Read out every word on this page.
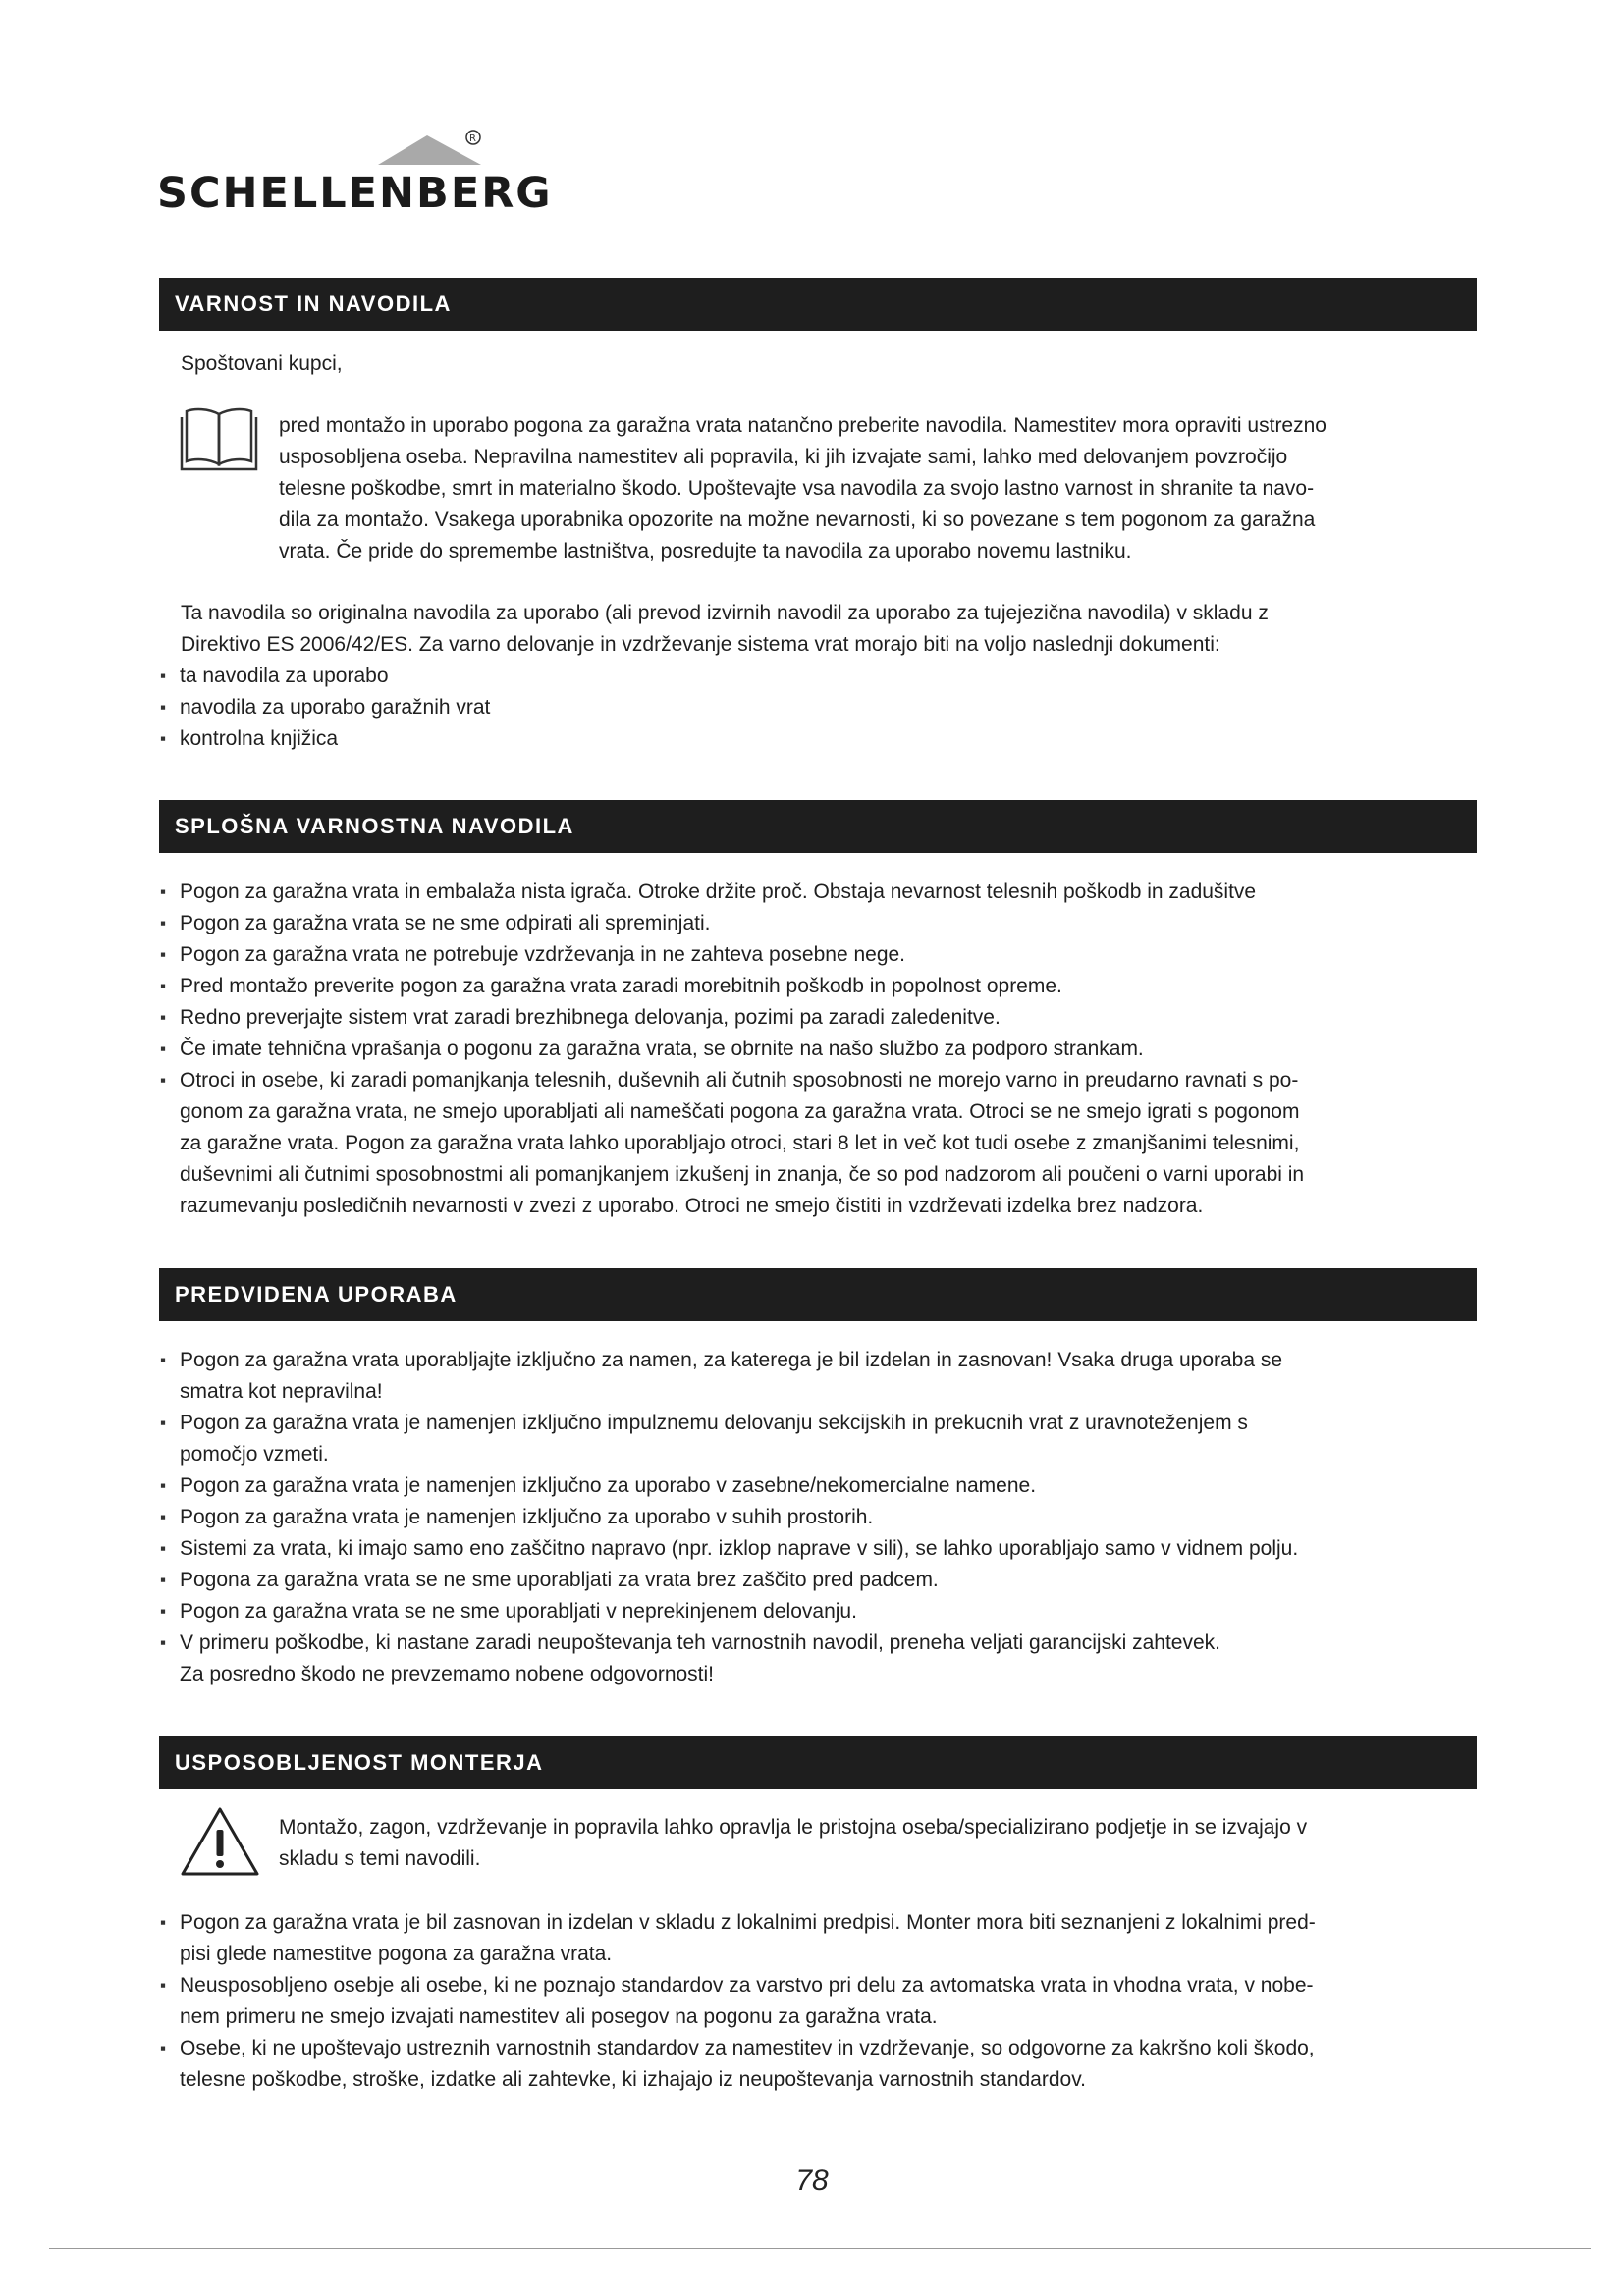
R
SCHELLENBERG
VARNOST IN NAVODILA
Spoštovani kupci,
pred montažo in uporabo pogona za garažna vrata natančno preberite navodila. Namestitev mora opraviti ustrezno
usposobljena oseba. Nepravilna namestitev ali popravila, ki jih izvajate sami, lahko med delovanjem povzročijo
telesne poškodbe, smrt in materialno škodo. Upoštevajte vsa navodila za svojo lastno varnost in shranite ta navo-
dila za montažo. Vsakega uporabnika opozorite na možne nevarnosti, ki so povezane s tem pogonom za garažna
vrata. Če pride do spremembe lastništva, posredujte ta navodila za uporabo novemu lastniku.
Ta navodila so originalna navodila za uporabo (ali prevod izvirnih navodil za uporabo za tujejezična navodila) v skladu z
Direktivo ES 2006/42/ES. Za varno delovanje in vzdrževanje sistema vrat morajo biti na voljo naslednji dokumenti:
▪ ta navodila za uporabo
▪ navodila za uporabo garažnih vrat
▪ kontrolna knjižica
SPLOŠNA VARNOSTNA NAVODILA
▪ Pogon za garažna vrata in embalaža nista igrača. Otroke držite proč. Obstaja nevarnost telesnih poškodb in zadušitve
▪ Pogon za garažna vrata se ne sme odpirati ali spreminjati.
▪ Pogon za garažna vrata ne potrebuje vzdrževanja in ne zahteva posebne nege.
▪ Pred montažo preverite pogon za garažna vrata zaradi morebitnih poškodb in popolnost opreme.
▪ Redno preverjajte sistem vrat zaradi brezhibnega delovanja, pozimi pa zaradi zaledenitve.
▪ Če imate tehnična vprašanja o pogonu za garažna vrata, se obrnite na našo službo za podporo strankam.
▪ Otroci in osebe, ki zaradi pomanjkanja telesnih, duševnih ali čutnih sposobnosti ne morejo varno in preudarno ravnati s po-
gonom za garažna vrata, ne smejo uporabljati ali nameščati pogona za garažna vrata. Otroci se ne smejo igrati s pogonom
za garažne vrata. Pogon za garažna vrata lahko uporabljajo otroci, stari 8 let in več kot tudi osebe z zmanjšanimi telesnimi,
duševnimi ali čutnimi sposobnostmi ali pomanjkanjem izkušenj in znanja, če so pod nadzorom ali poučeni o varni uporabi in
razumevanju posledičnih nevarnosti v zvezi z uporabo. Otroci ne smejo čistiti in vzdrževati izdelka brez nadzora.
PREDVIDENA UPORABA
▪ Pogon za garažna vrata uporabljajte izključno za namen, za katerega je bil izdelan in zasnovan! Vsaka druga uporaba se
smatra kot nepravilna!
▪ Pogon za garažna vrata je namenjen izključno impulznemu delovanju sekcijskih in prekucnih vrat z uravnoteženjem s
pomočjo vzmeti.
▪ Pogon za garažna vrata je namenjen izključno za uporabo v zasebne/nekomercialne namene.
▪ Pogon za garažna vrata je namenjen izključno za uporabo v suhih prostorih.
▪ Sistemi za vrata, ki imajo samo eno zaščitno napravo (npr. izklop naprave v sili), se lahko uporabljajo samo v vidnem polju.
▪ Pogona za garažna vrata se ne sme uporabljati za vrata brez zaščito pred padcem.
▪ Pogon za garažna vrata se ne sme uporabljati v neprekinjenem delovanju.
▪ V primeru poškodbe, ki nastane zaradi neupoštevanja teh varnostnih navodil, preneha veljati garancijski zahtevek.
Za posredno škodo ne prevzemamo nobene odgovornosti!
USPOSOBLJENOST MONTERJA
Montažo, zagon, vzdrževanje in popravila lahko opravlja le pristojna oseba/specializirano podjetje in se izvajajo v
skladu s temi navodili.
▪ Pogon za garažna vrata je bil zasnovan in izdelan v skladu z lokalnimi predpisi. Monter mora biti seznanjeni z lokalnimi pred-
pisi glede namestitve pogona za garažna vrata.
▪ Neusposobljeno osebje ali osebe, ki ne poznajo standardov za varstvo pri delu za avtomatska vrata in vhodna vrata, v nobe-
nem primeru ne smejo izvajati namestitev ali posegov na pogonu za garažna vrata.
▪ Osebe, ki ne upoštevajo ustreznih varnostnih standardov za namestitev in vzdrževanje, so odgovorne za kakršno koli škodo,
telesne poškodbe, stroške, izdatke ali zahtevke, ki izhajajo iz neupoštevanja varnostnih standardov.
78
